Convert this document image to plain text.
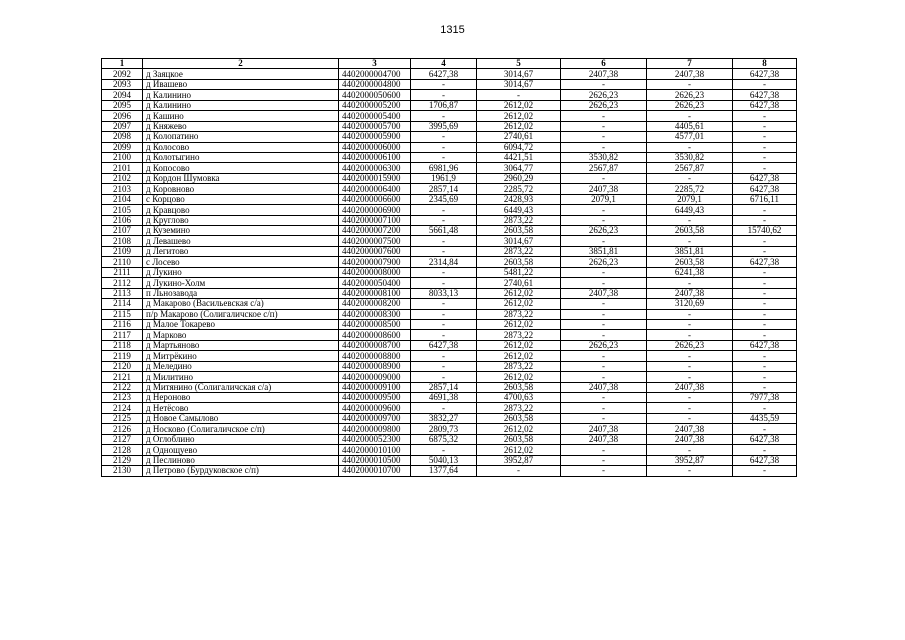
1315
1	2	3	4	5	6	7	8
2092	д Заяцкое	4402000004700	6427,38	3014,67	2407,38	2407,38	6427,38
2093	д Ивашево	4402000004800	-	3014,67	-	-	-
2094	д Калинино	4402000050600	-	-	2626,23	2626,23	6427,38
2095	д Калинино	4402000005200	1706,87	2612,02	2626,23	2626,23	6427,38
2096	д Кашино	4402000005400	-	2612,02	-	-	-
2097	д Княжево	4402000005700	3995,69	2612,02	-	4405,61	-
2098	д Колопатино	4402000005900	-	2740,61	-	4577,01	-
2099	д Колосово	4402000006000	-	6094,72	-	-	-
2100	д Колотыгино	4402000006100	-	4421,51	3530,82	3530,82	-
2101	д Копосово	4402000006300	6981,96	3064,77	2567,87	2567,87	-
2102	д Кордон Шумовка	4402000015900	1961,9	2960,29	-	-	6427,38
2103	д Коровново	4402000006400	2857,14	2285,72	2407,38	2285,72	6427,38
2104	с Корцово	4402000006600	2345,69	2428,93	2079,1	2079,1	6716,11
2105	д Кравцово	4402000006900	-	6449,43	-	6449,43	-
2106	д Круглово	4402000007100	-	2873,22	-	-	-
2107	д Куземино	4402000007200	5661,48	2603,58	2626,23	2603,58	15740,62
2108	д Левашево	4402000007500	-	3014,67	-	-	-
2109	д Легитово	4402000007600	-	2873,22	3851,81	3851,81	-
2110	с Лосево	4402000007900	2314,84	2603,58	2626,23	2603,58	6427,38
2111	д Лукино	4402000008000	-	5481,22	-	6241,38	-
2112	д Лукино-Холм	4402000050400	-	2740,61	-	-	-
2113	п Льнозавода	4402000008100	8033,13	2612,02	2407,38	2407,38	-
2114	д Макарово (Васильевская с/а)	4402000008200	-	2612,02	-	3120,69	-
2115	п/р Макарово (Солигаличское с/п)	4402000008300	-	2873,22	-	-	-
2116	д Малое Токарево	4402000008500	-	2612,02	-	-	-
2117	д Марково	4402000008600	-	2873,22	-	-	-
2118	д Мартьяново	4402000008700	6427,38	2612,02	2626,23	2626,23	6427,38
2119	д Митрёкино	4402000008800	-	2612,02	-	-	-
2120	д Меледино	4402000008900	-	2873,22	-	-	-
2121	д Милитино	4402000009000	-	2612,02	-	-	-
2122	д Митянино (Солигаличская с/а)	4402000009100	2857,14	2603,58	2407,38	2407,38	-
2123	д Нероново	4402000009500	4691,38	4700,63	-	-	7977,38
2124	д Нетёсово	4402000009600	-	2873,22	-	-	-
2125	д Новое Самылово	4402000009700	3832,27	2603,58	-	-	4435,59
2126	д Носково (Солигаличское с/п)	4402000009800	2809,73	2612,02	2407,38	2407,38	-
2127	д Оглоблино	4402000052300	6875,32	2603,58	2407,38	2407,38	6427,38
2128	д Однощуево	4402000010100	-	2612,02	-	-	-
2129	д Песлиново	4402000010500	5040,13	3952,87	-	3952,87	6427,38
2130	д Петрово (Бурдуковское с/п)	4402000010700	1377,64	-	-	-	-
